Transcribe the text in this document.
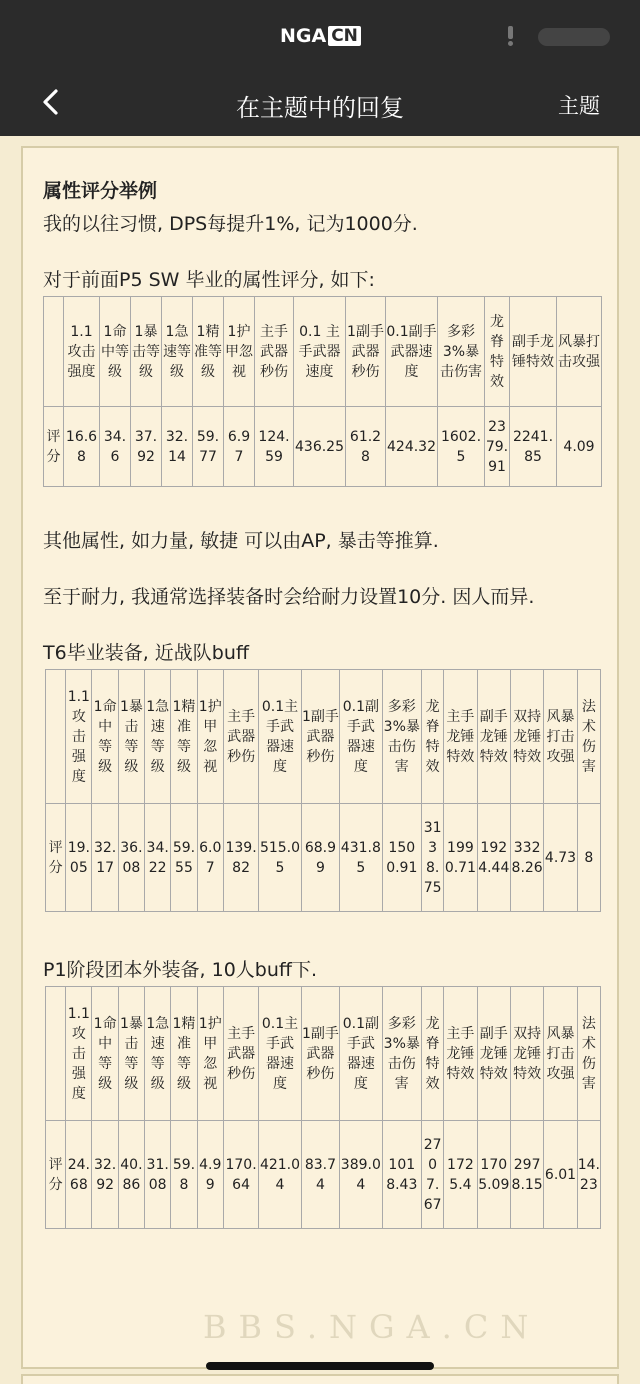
NGA CN
在主题中的回复	主题
属性评分举例
我的以往习惯, DPS每提升1%, 记为1000分.
对于前面P5 SW 毕业的属性评分, 如下:
	1.1攻击强度	1命中等级	1暴击等级	1急速等级	1精准等级	1护甲忽视	主手武器秒伤	0.1 主手武器速度	1副手武器秒伤	0.1副手武器速度	多彩3%暴击伤害	龙脊特效	副手龙锤特效	风暴打击攻强
评分	16.68	34.6	37.92	32.14	59.77	6.97	124.59	436.25	61.28	424.32	1602.5	2379.91	2241.85	4.09
其他属性, 如力量, 敏捷 可以由AP, 暴击等推算.
至于耐力, 我通常选择装备时会给耐力设置10分. 因人而异.
T6毕业装备, 近战队buff
	1.1攻击强度	1命中等级	1暴击等级	1急速等级	1精准等级	1护甲忽视	主手武器秒伤	0.1主手武器速度	1副手武器秒伤	0.1副手武器速度	多彩3%暴击伤害	龙脊特效	主手龙锤特效	副手龙锤特效	双持龙锤特效	风暴打击攻强	法术伤害
评分	19.05	32.17	36.08	34.22	59.55	6.07	139.82	515.05	68.99	431.85	1500.91	3138.75	1990.71	1924.44	3328.26	4.73	8
P1阶段团本外装备, 10人buff下.
	1.1攻击强度	1命中等级	1暴击等级	1急速等级	1精准等级	1护甲忽视	主手武器秒伤	0.1主手武器速度	1副手武器秒伤	0.1副手武器速度	多彩3%暴击伤害	龙脊特效	主手龙锤特效	副手龙锤特效	双持龙锤特效	风暴打击攻强	法术伤害
评分	24.68	32.92	40.86	31.08	59.8	4.99	170.64	421.04	83.74	389.04	1018.43	2707.67	1725.4	1705.09	2978.15	6.01	14.23
BBS.NGA.CN
